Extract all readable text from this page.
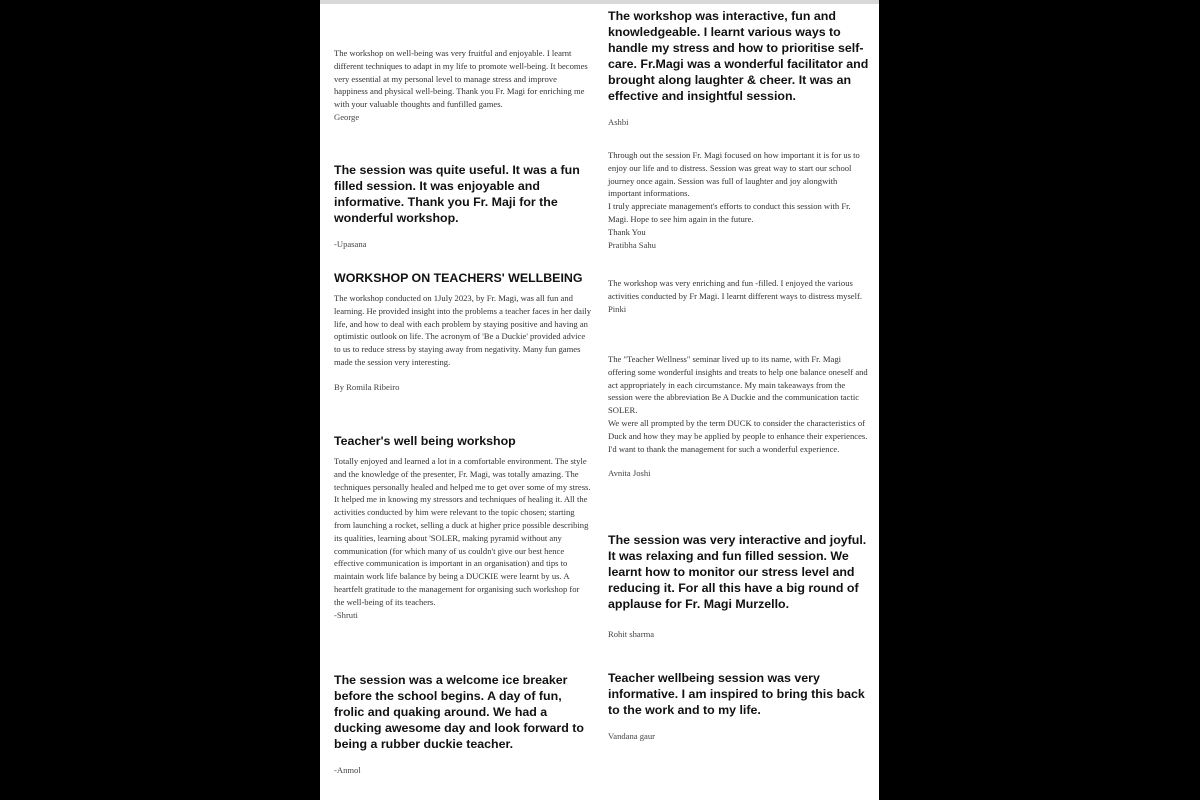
The workshop on well-being was very fruitful and enjoyable. I learnt different techniques to adapt in my life to promote well-being. It becomes very essential at my personal level to manage stress and improve happiness and physical well-being. Thank you Fr. Magi for enriching me with your valuable thoughts and funfilled games.

George

The session was quite useful. It was a fun filled session. It was enjoyable and informative. Thank you Fr. Maji for the wonderful workshop.

-Upasana

WORKSHOP ON TEACHERS' WELLBEING

The workshop conducted on 1July 2023, by Fr. Magi, was all fun and learning. He provided insight into the problems a teacher faces in her daily life, and how to deal with each problem by staying positive and having an optimistic outlook on life. The acronym of 'Be a Duckie' provided advice to us to reduce stress by staying away from negativity. Many fun games made the session very interesting.

By Romila Ribeiro

Teacher's well being workshop

Totally enjoyed and learned a lot in a comfortable environment. The style and the knowledge of the presenter, Fr. Magi, was totally amazing. The techniques personally healed and helped me to get over some of my stress. It helped me in knowing my stressors and techniques of healing it. All the activities conducted by him were relevant to the topic chosen; starting from launching a rocket, selling a duck at higher price possible describing its qualities, learning about 'SOLER, making pyramid without any communication (for which many of us couldn't give our best hence effective communication is important in an organisation) and tips to maintain work life balance by being a DUCKIE were learnt by us. A heartfelt gratitude to the management for organising such workshop for the well-being of its teachers.

-Shruti

The session was a welcome ice breaker before the school begins. A day of fun, frolic and quaking around. We had a ducking awesome day and look forward to being a rubber duckie teacher.

-Anmol

The workshop was interactive, fun and knowledgeable. I learnt various ways to handle my stress and how to prioritise self-care. Fr.Magi was a wonderful facilitator and brought along laughter & cheer. It was an effective and insightful session.

Ashbi

Through out the session Fr. Magi focused on how important it is for us to enjoy our life and to distress. Session was great way to start our school journey once again. Session was full of laughter and joy alongwith important informations.
I truly appreciate management's efforts to conduct this session with Fr. Magi. Hope to see him again in the future.
Thank You

Pratibha Sahu

The workshop was very enriching and fun -filled. I enjoyed the various activities conducted by Fr Magi. I learnt different ways to distress myself.

Pinki

The "Teacher Wellness" seminar lived up to its name, with Fr. Magi offering some wonderful insights and treats to help one balance oneself and act appropriately in each circumstance. My main takeaways from the session were the abbreviation Be A Duckie and the communication tactic SOLER.
We were all prompted by the term DUCK to consider the characteristics of Duck and how they may be applied by people to enhance their experiences.
I'd want to thank the management for such a wonderful experience.

Avnita Joshi

The session was very interactive and joyful. It was relaxing and fun filled session. We learnt how to monitor our stress level and reducing it. For all this have a big round of applause for Fr. Magi Murzello.

Rohit sharma

Teacher wellbeing session was very informative. I am inspired to bring this back to the work and to my life.

Vandana gaur
